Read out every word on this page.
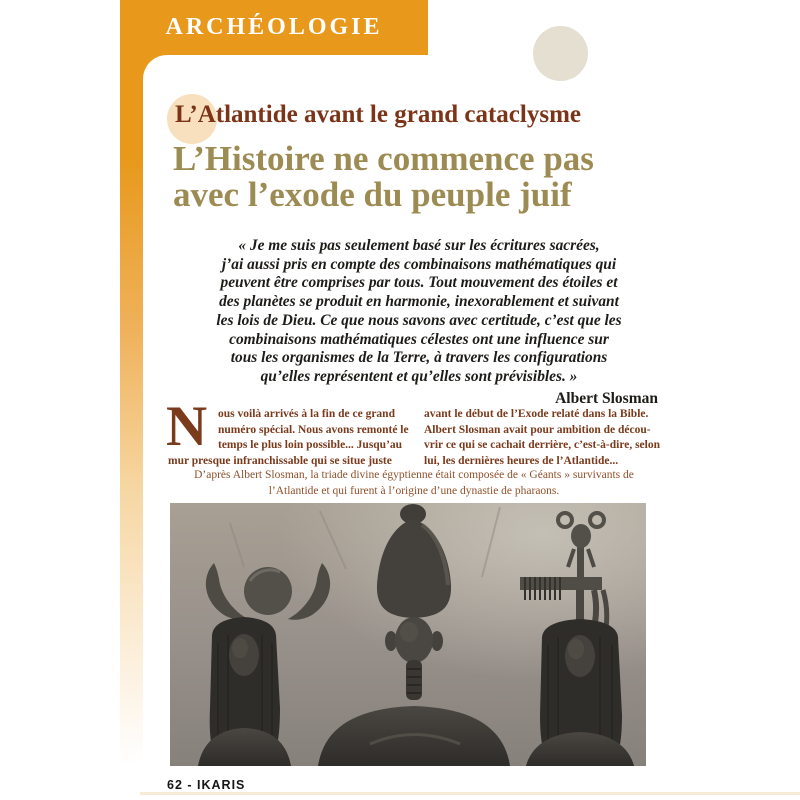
ARCHÉOLOGIE
L’Atlantide avant le grand cataclysme
L’Histoire ne commence pas
avec l’exode du peuple juif
« Je me suis pas seulement basé sur les écritures sacrées,
j’ai aussi pris en compte des combinaisons mathématiques qui
peuvent être comprises par tous. Tout mouvement des étoiles et
des planètes se produit en harmonie, inexorablement et suivant
les lois de Dieu. Ce que nous savons avec certitude, c’est que les
combinaisons mathématiques célestes ont une influence sur
tous les organismes de la Terre, à travers les configurations
qu’elles représentent et qu’elles sont prévisibles. »
Albert Slosman
N ous voilà arrivés à la fin de ce grand
numéro spécial. Nous avons remonté le
temps le plus loin possible... Jusqu’au
mur presque infranchissable qui se situe juste
avant le début de l’Exode relaté dans la Bible.
Albert Slosman avait pour ambition de décou-
vrir ce qui se cachait derrière, c’est-à-dire, selon
lui, les dernières heures de l’Atlantide...
D’après Albert Slosman, la triade divine égyptienne était composée de « Géants » survivants de
l’Atlantide et qui furent à l’origine d’une dynastie de pharaons.
62 - IKARIS
